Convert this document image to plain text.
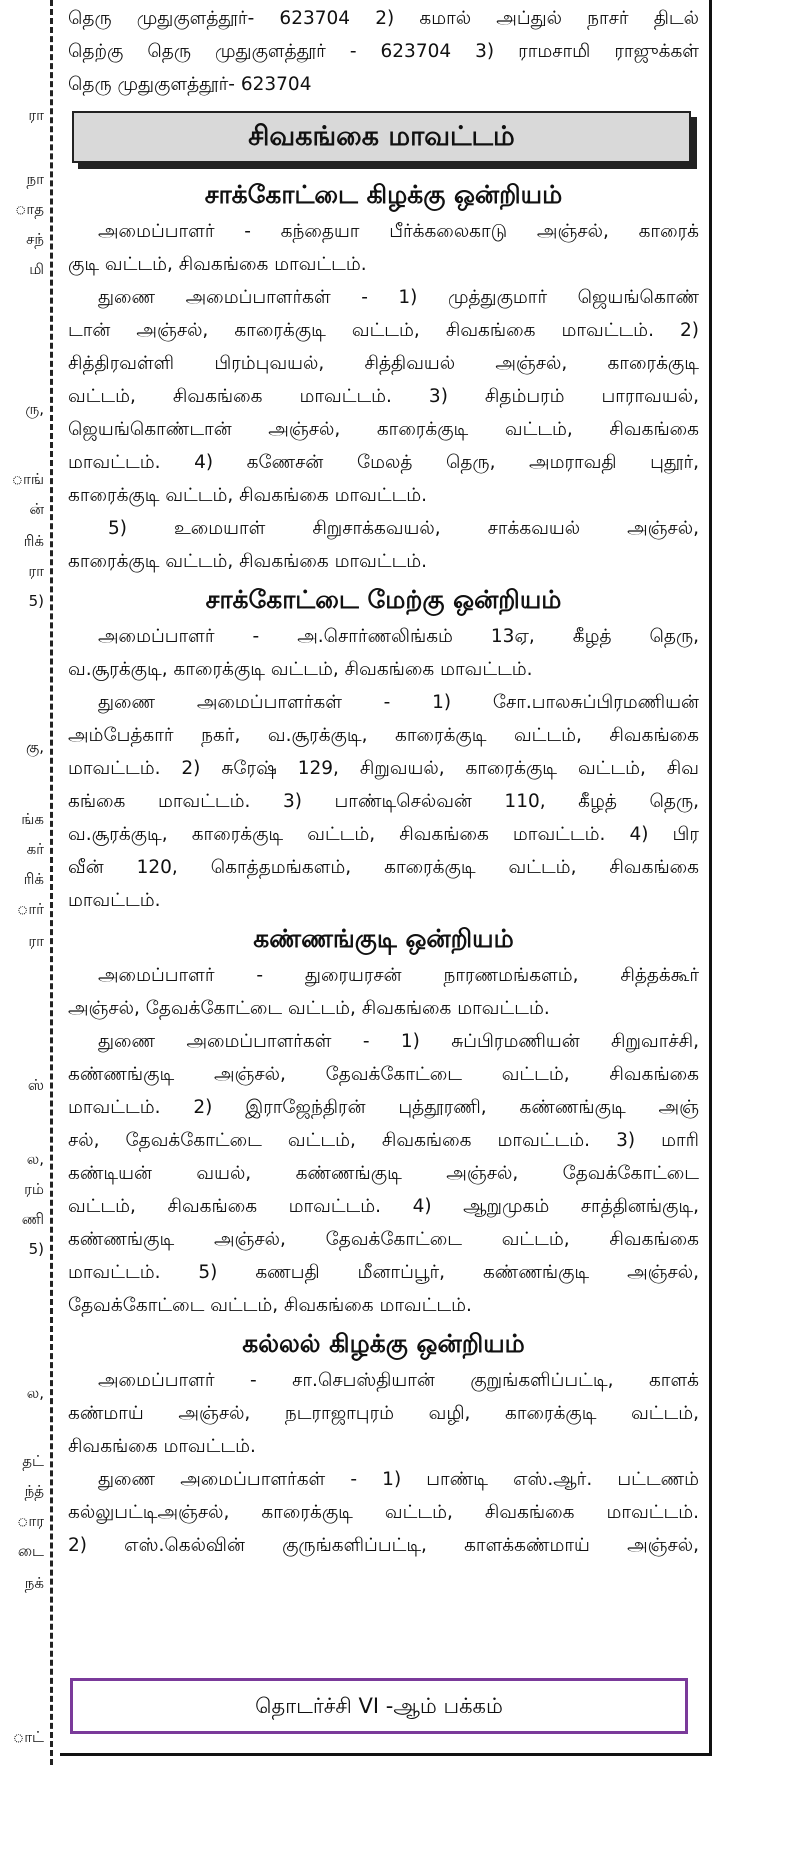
ரா
நா
ாத
சந்
மி
ரு,
ாங்
ன்
ரிக்
ரா
5)
கு,
ங்க
கர்
ரிக்
ார்
ரா
ஸ்
ல,
ரம்
ணி
5)
ல,
தட்
ந்த்
ார
டை
நக்
ாட்
தெரு முதுகுளத்தூர்- 623704 2) கமால் அப்துல் நாசர் திடல்
தெற்கு தெரு முதுகுளத்தூர் - 623704 3) ராமசாமி ராஜுக்கள்
தெரு முதுகுளத்தூர்- 623704
சிவகங்கை மாவட்டம்
சாக்கோட்டை கிழக்கு ஒன்றியம்
அமைப்பாளர் - கந்தையா பீர்க்கலைகாடு அஞ்சல், காரைக்
குடி வட்டம், சிவகங்கை மாவட்டம்.
துணை அமைப்பாளர்கள் - 1) முத்துகுமார் ஜெயங்கொண்
டான் அஞ்சல், காரைக்குடி வட்டம், சிவகங்கை மாவட்டம். 2)
சித்திரவள்ளி பிரம்புவயல், சித்திவயல் அஞ்சல், காரைக்குடி
வட்டம், சிவகங்கை மாவட்டம். 3) சிதம்பரம் பாராவயல்,
ஜெயங்கொண்டான் அஞ்சல், காரைக்குடி வட்டம், சிவகங்கை
மாவட்டம். 4) கணேசன் மேலத் தெரு, அமராவதி புதூர்,
காரைக்குடி வட்டம், சிவகங்கை மாவட்டம்.
5) உமையாள் சிறுசாக்கவயல், சாக்கவயல் அஞ்சல்,
காரைக்குடி வட்டம், சிவகங்கை மாவட்டம்.
சாக்கோட்டை மேற்கு ஒன்றியம்
அமைப்பாளர் - அ.சொர்ணலிங்கம் 13ஏ, கீழத் தெரு,
வ.சூரக்குடி, காரைக்குடி வட்டம், சிவகங்கை மாவட்டம்.
துணை அமைப்பாளர்கள் - 1) சோ.பாலசுப்பிரமணியன்
அம்பேத்கார் நகர், வ.சூரக்குடி, காரைக்குடி வட்டம், சிவகங்கை
மாவட்டம். 2) சுரேஷ் 129, சிறுவயல், காரைக்குடி வட்டம், சிவ
கங்கை மாவட்டம். 3) பாண்டிசெல்வன் 110, கீழத் தெரு,
வ.சூரக்குடி, காரைக்குடி வட்டம், சிவகங்கை மாவட்டம். 4) பிர
வீன் 120, கொத்தமங்களம், காரைக்குடி வட்டம், சிவகங்கை
மாவட்டம்.
கண்ணங்குடி ஒன்றியம்
அமைப்பாளர் - துரையரசன் நாரணமங்களம், சித்தக்கூர்
அஞ்சல், தேவக்கோட்டை வட்டம், சிவகங்கை மாவட்டம்.
துணை அமைப்பாளர்கள் - 1) சுப்பிரமணியன் சிறுவாச்சி,
கண்ணங்குடி அஞ்சல், தேவக்கோட்டை வட்டம், சிவகங்கை
மாவட்டம். 2) இராஜேந்திரன் புத்தூரணி, கண்ணங்குடி அஞ்
சல், தேவக்கோட்டை வட்டம், சிவகங்கை மாவட்டம். 3) மாரி
கண்டியன் வயல், கண்ணங்குடி அஞ்சல், தேவக்கோட்டை
வட்டம், சிவகங்கை மாவட்டம். 4) ஆறுமுகம் சாத்தினங்குடி,
கண்ணங்குடி அஞ்சல், தேவக்கோட்டை வட்டம், சிவகங்கை
மாவட்டம். 5) கணபதி மீனாப்பூர், கண்ணங்குடி அஞ்சல்,
தேவக்கோட்டை வட்டம், சிவகங்கை மாவட்டம்.
கல்லல் கிழக்கு ஒன்றியம்
அமைப்பாளர் - சா.செபஸ்தியான் குறுங்களிப்பட்டி, காளக்
கண்மாய் அஞ்சல், நடராஜாபுரம் வழி, காரைக்குடி வட்டம்,
சிவகங்கை மாவட்டம்.
துணை அமைப்பாளர்கள் - 1) பாண்டி எஸ்.ஆர். பட்டணம்
கல்லுபட்டிஅஞ்சல், காரைக்குடி வட்டம், சிவகங்கை மாவட்டம்.
2) எஸ்.கெல்வின் குருங்களிப்பட்டி, காளக்கண்மாய் அஞ்சல்,
தொடர்ச்சி VI -ஆம் பக்கம்
